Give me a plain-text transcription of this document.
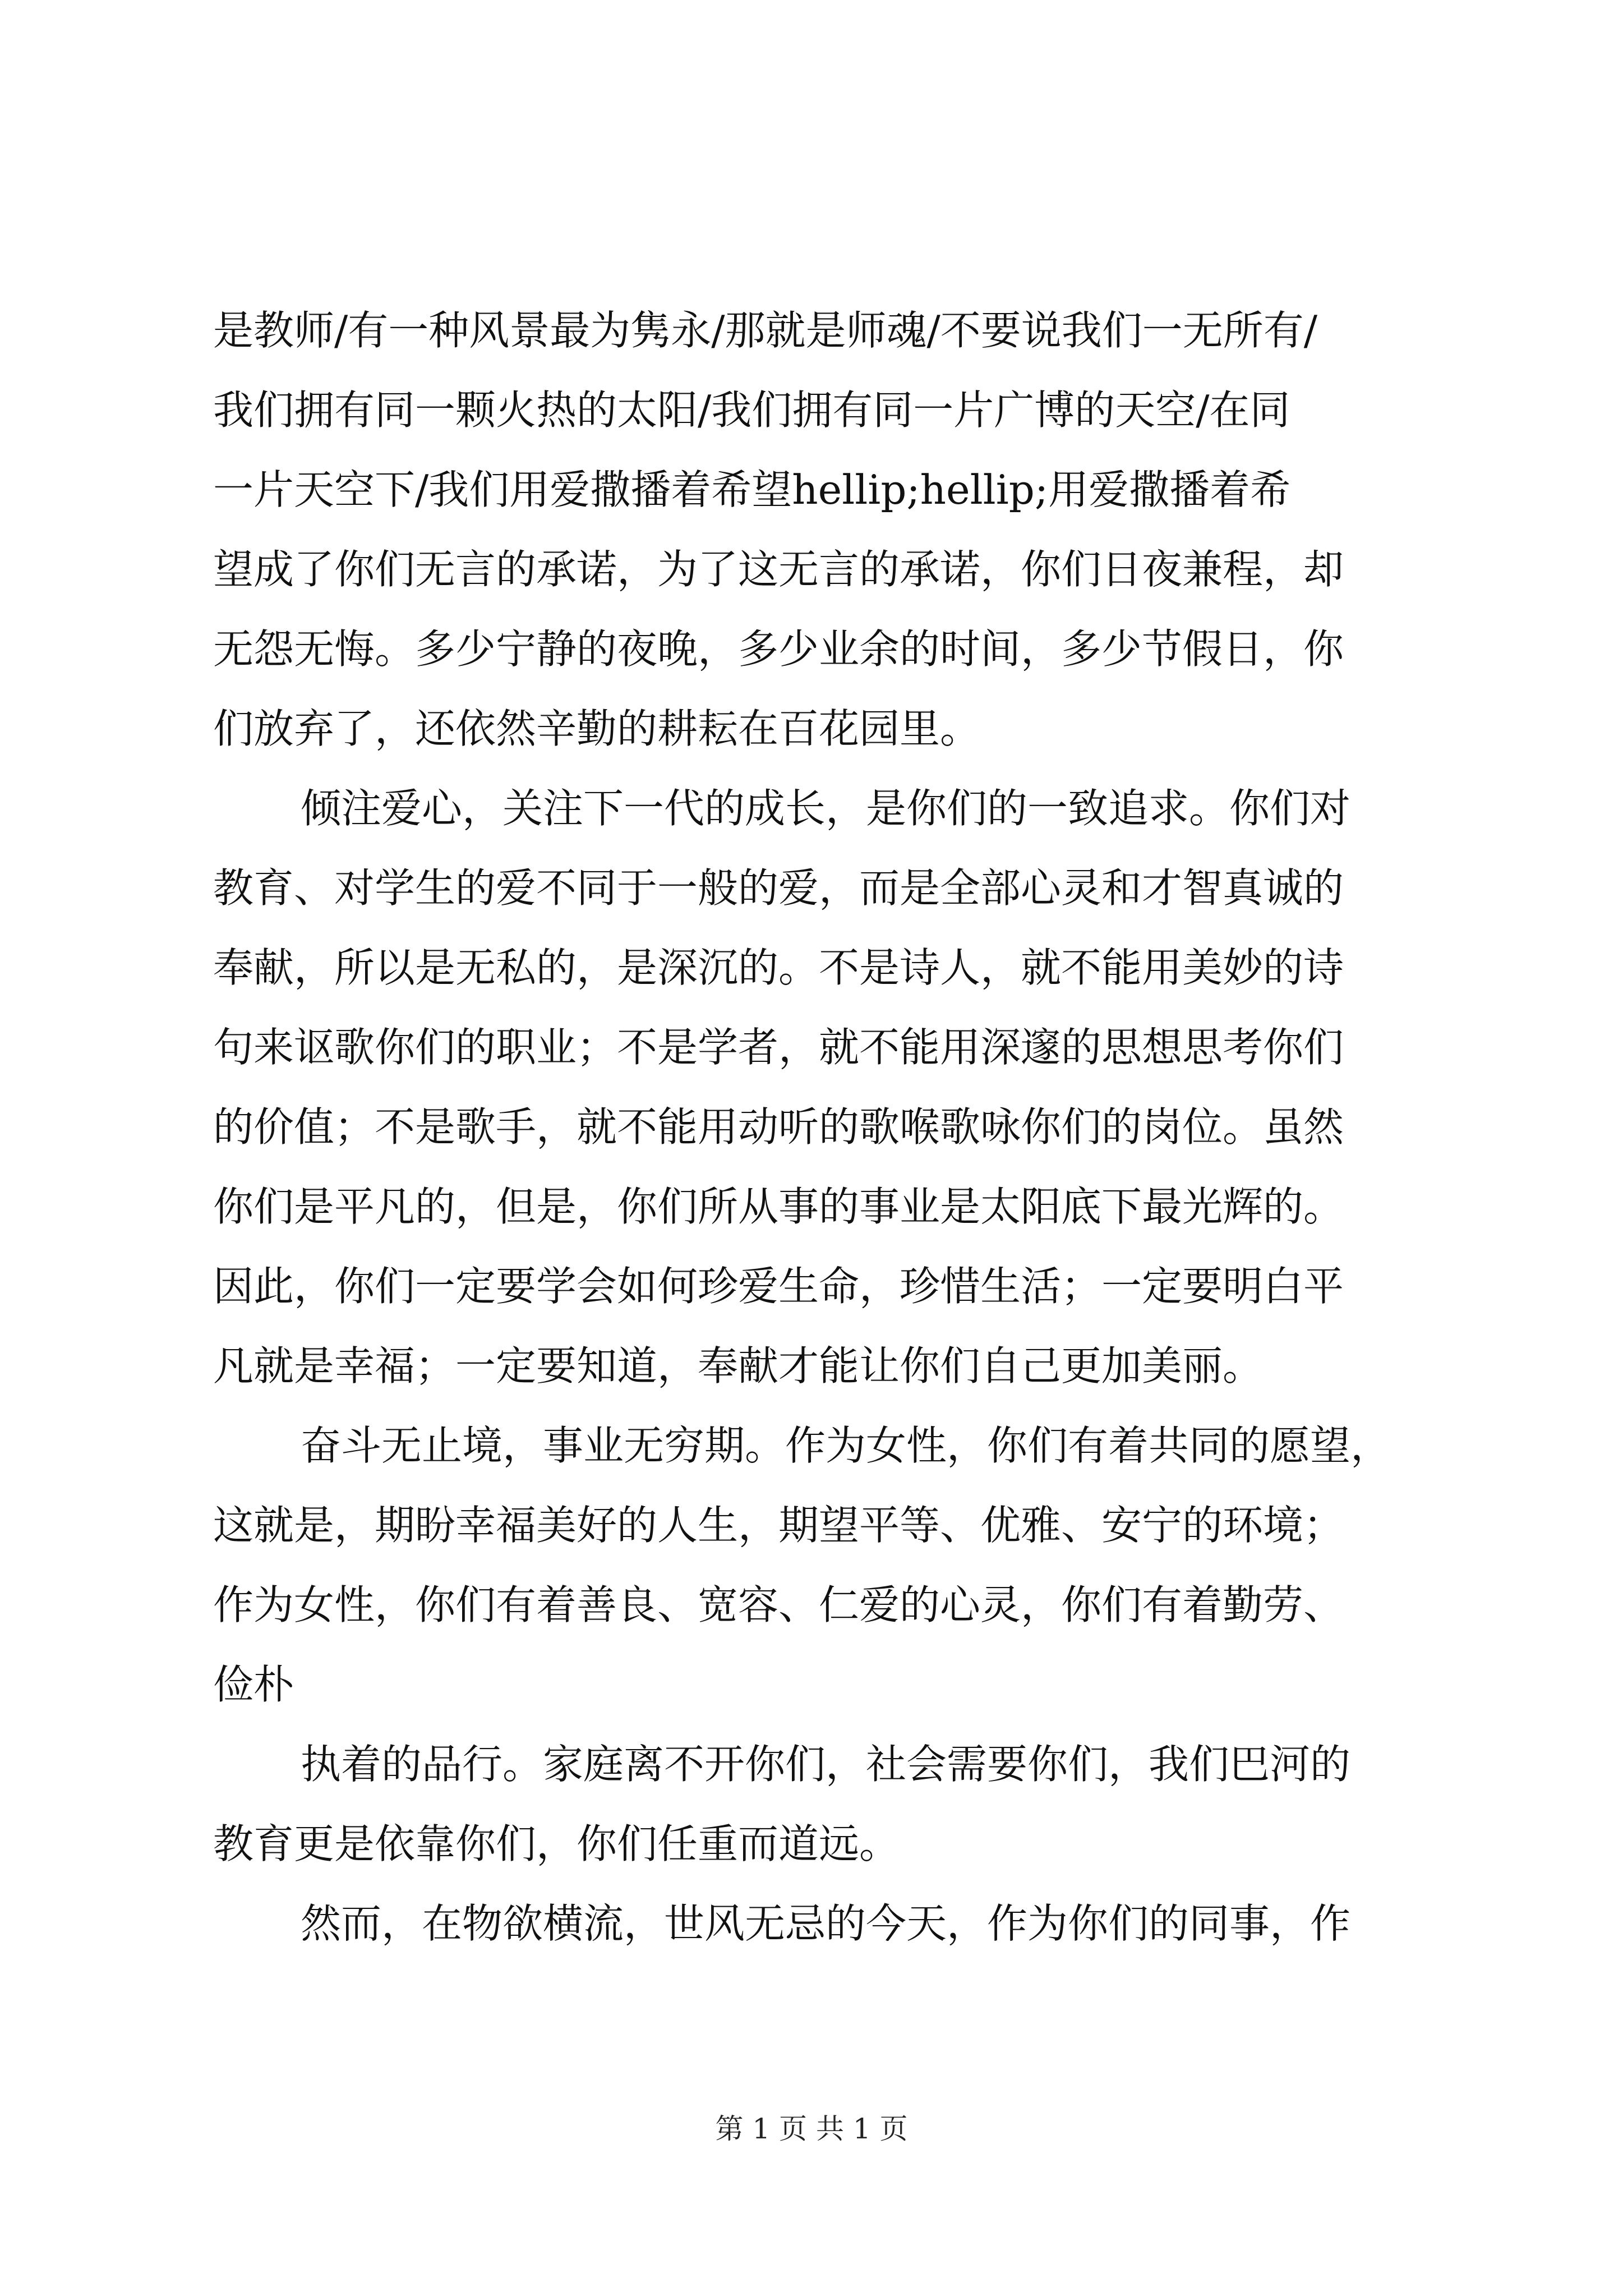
是教师/有一种风景最为隽永/那就是师魂/不要说我们一无所有/
我们拥有同一颗火热的太阳/我们拥有同一片广博的天空/在同
一片天空下/我们用爱撒播着希望hellip;hellip;用爱撒播着希
望成了你们无言的承诺，为了这无言的承诺，你们日夜兼程，却
无怨无悔。多少宁静的夜晚，多少业余的时间，多少节假日，你
们放弃了，还依然辛勤的耕耘在百花园里。
倾注爱心，关注下一代的成长，是你们的一致追求。你们对
教育、对学生的爱不同于一般的爱，而是全部心灵和才智真诚的
奉献，所以是无私的，是深沉的。不是诗人，就不能用美妙的诗
句来讴歌你们的职业；不是学者，就不能用深邃的思想思考你们
的价值；不是歌手，就不能用动听的歌喉歌咏你们的岗位。虽然
你们是平凡的，但是，你们所从事的事业是太阳底下最光辉的。
因此，你们一定要学会如何珍爱生命，珍惜生活；一定要明白平
凡就是幸福；一定要知道，奉献才能让你们自己更加美丽。
奋斗无止境，事业无穷期。作为女性，你们有着共同的愿望，
这就是，期盼幸福美好的人生，期望平等、优雅、安宁的环境；
作为女性，你们有着善良、宽容、仁爱的心灵，你们有着勤劳、
俭朴
执着的品行。家庭离不开你们，社会需要你们，我们巴河的
教育更是依靠你们，你们任重而道远。
然而，在物欲横流，世风无忌的今天，作为你们的同事，作
第 1 页 共 1 页
